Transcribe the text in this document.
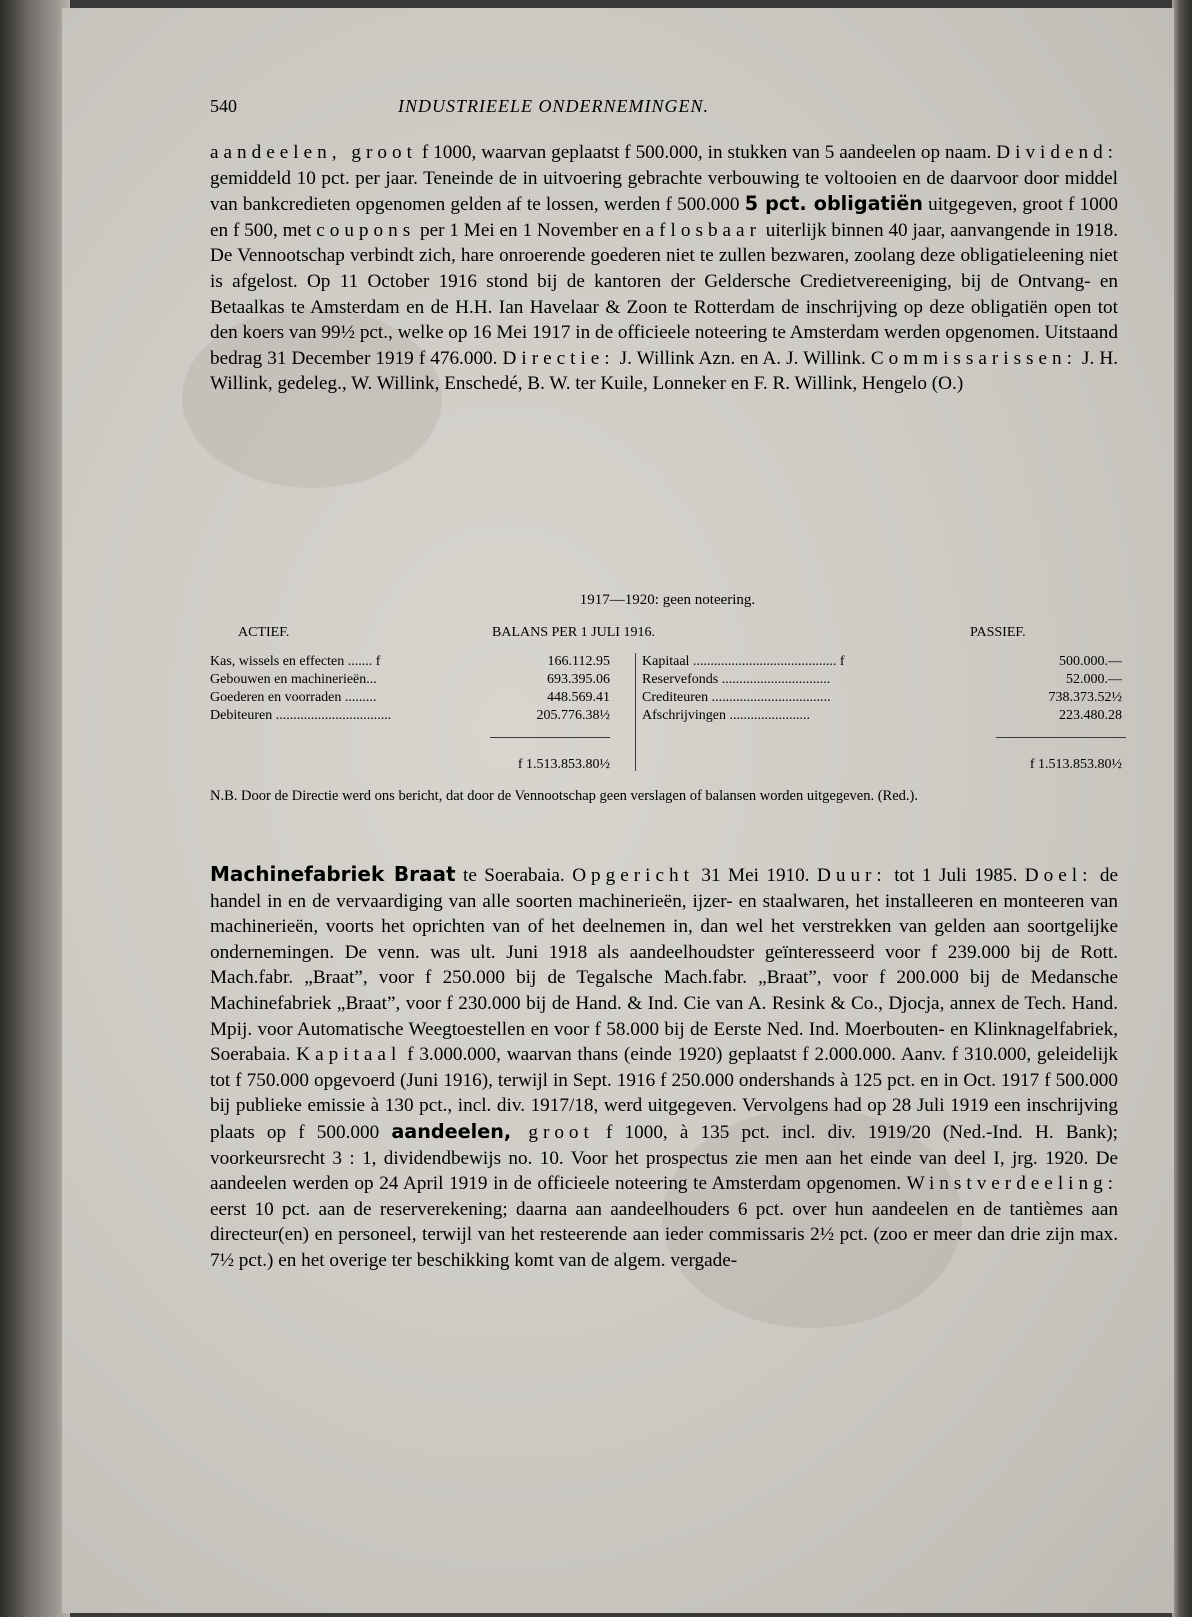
540	INDUSTRIEELE ONDERNEMINGEN.
aandeelen, groot f 1000, waarvan geplaatst f 500.000, in stukken van 5 aandeelen op naam. Dividend: gemiddeld 10 pct. per jaar. Teneinde de in uitvoering gebrachte verbouwing te voltooien en de daarvoor door middel van bankcredieten opgenomen gelden af te lossen, werden f 500.000 5 pct. obligatiën uitgegeven, groot f 1000 en f 500, met coupons per 1 Mei en 1 November en aflosbaar uiterlijk binnen 40 jaar, aanvangende in 1918. De Vennootschap verbindt zich, hare onroerende goederen niet te zullen bezwaren, zoolang deze obligatieleening niet is afgelost. Op 11 October 1916 stond bij de kantoren der Geldersche Credietvereeniging, bij de Ontvang- en Betaalkas te Amsterdam en de H.H. Ian Havelaar & Zoon te Rotterdam de inschrijving op deze obligatiën open tot den koers van 99½ pct., welke op 16 Mei 1917 in de officieele noteering te Amsterdam werden opgenomen. Uitstaand bedrag 31 December 1919 f 476.000. Directie: J. Willink Azn. en A. J. Willink. Commissarissen: J. H. Willink, gedeleg., W. Willink, Enschedé, B. W. ter Kuile, Lonneker en F. R. Willink, Hengelo (O.)
1917—1920: geen noteering.
ACTIEF.	BALANS PER 1 JULI 1916.	PASSIEF.
Kas, wissels en effecten ....... f	166.112.95
Gebouwen en machinerieën...	693.395.06
Goederen en voorraden .........	448.569.41
Debiteuren .................................	205.776.38½
f 1.513.853.80½
Kapitaal ......................................... f	500.000.—
Reservefonds ...............................	52.000.—
Crediteuren ..................................	738.373.52½
Afschrijvingen .......................	223.480.28
f 1.513.853.80½
N.B. Door de Directie werd ons bericht, dat door de Vennootschap geen verslagen of balansen worden uitgegeven. (Red.).
Machinefabriek Braat te Soerabaia. Opgericht 31 Mei 1910. Duur: tot 1 Juli 1985. Doel: de handel in en de vervaardiging van alle soorten machinerieën, ijzer- en staalwaren, het installeeren en monteeren van machinerieën, voorts het oprichten van of het deelnemen in, dan wel het verstrekken van gelden aan soortgelijke ondernemingen. De venn. was ult. Juni 1918 als aandeelhoudster geïnteresseerd voor f 239.000 bij de Rott. Mach.fabr. „Braat”, voor f 250.000 bij de Tegalsche Mach.fabr. „Braat”, voor f 200.000 bij de Medansche Machinefabriek „Braat”, voor f 230.000 bij de Hand. & Ind. Cie van A. Resink & Co., Djocja, annex de Tech. Hand. Mpij. voor Automatische Weegtoestellen en voor f 58.000 bij de Eerste Ned. Ind. Moerbouten- en Klinknagelfabriek, Soerabaia. Kapitaal f 3.000.000, waarvan thans (einde 1920) geplaatst f 2.000.000. Aanv. f 310.000, geleidelijk tot f 750.000 opgevoerd (Juni 1916), terwijl in Sept. 1916 f 250.000 ondershands à 125 pct. en in Oct. 1917 f 500.000 bij publieke emissie à 130 pct., incl. div. 1917/18, werd uitgegeven. Vervolgens had op 28 Juli 1919 een inschrijving plaats op f 500.000 aandeelen, groot f 1000, à 135 pct. incl. div. 1919/20 (Ned.-Ind. H. Bank); voorkeursrecht 3 : 1, dividendbewijs no. 10. Voor het prospectus zie men aan het einde van deel I, jrg. 1920. De aandeelen werden op 24 April 1919 in de officieele noteering te Amsterdam opgenomen. Winstverdeeling: eerst 10 pct. aan de reserverekening; daarna aan aandeelhouders 6 pct. over hun aandeelen en de tantièmes aan directeur(en) en personeel, terwijl van het resteerende aan ieder commissaris 2½ pct. (zoo er meer dan drie zijn max. 7½ pct.) en het overige ter beschikking komt van de algem. vergade-
